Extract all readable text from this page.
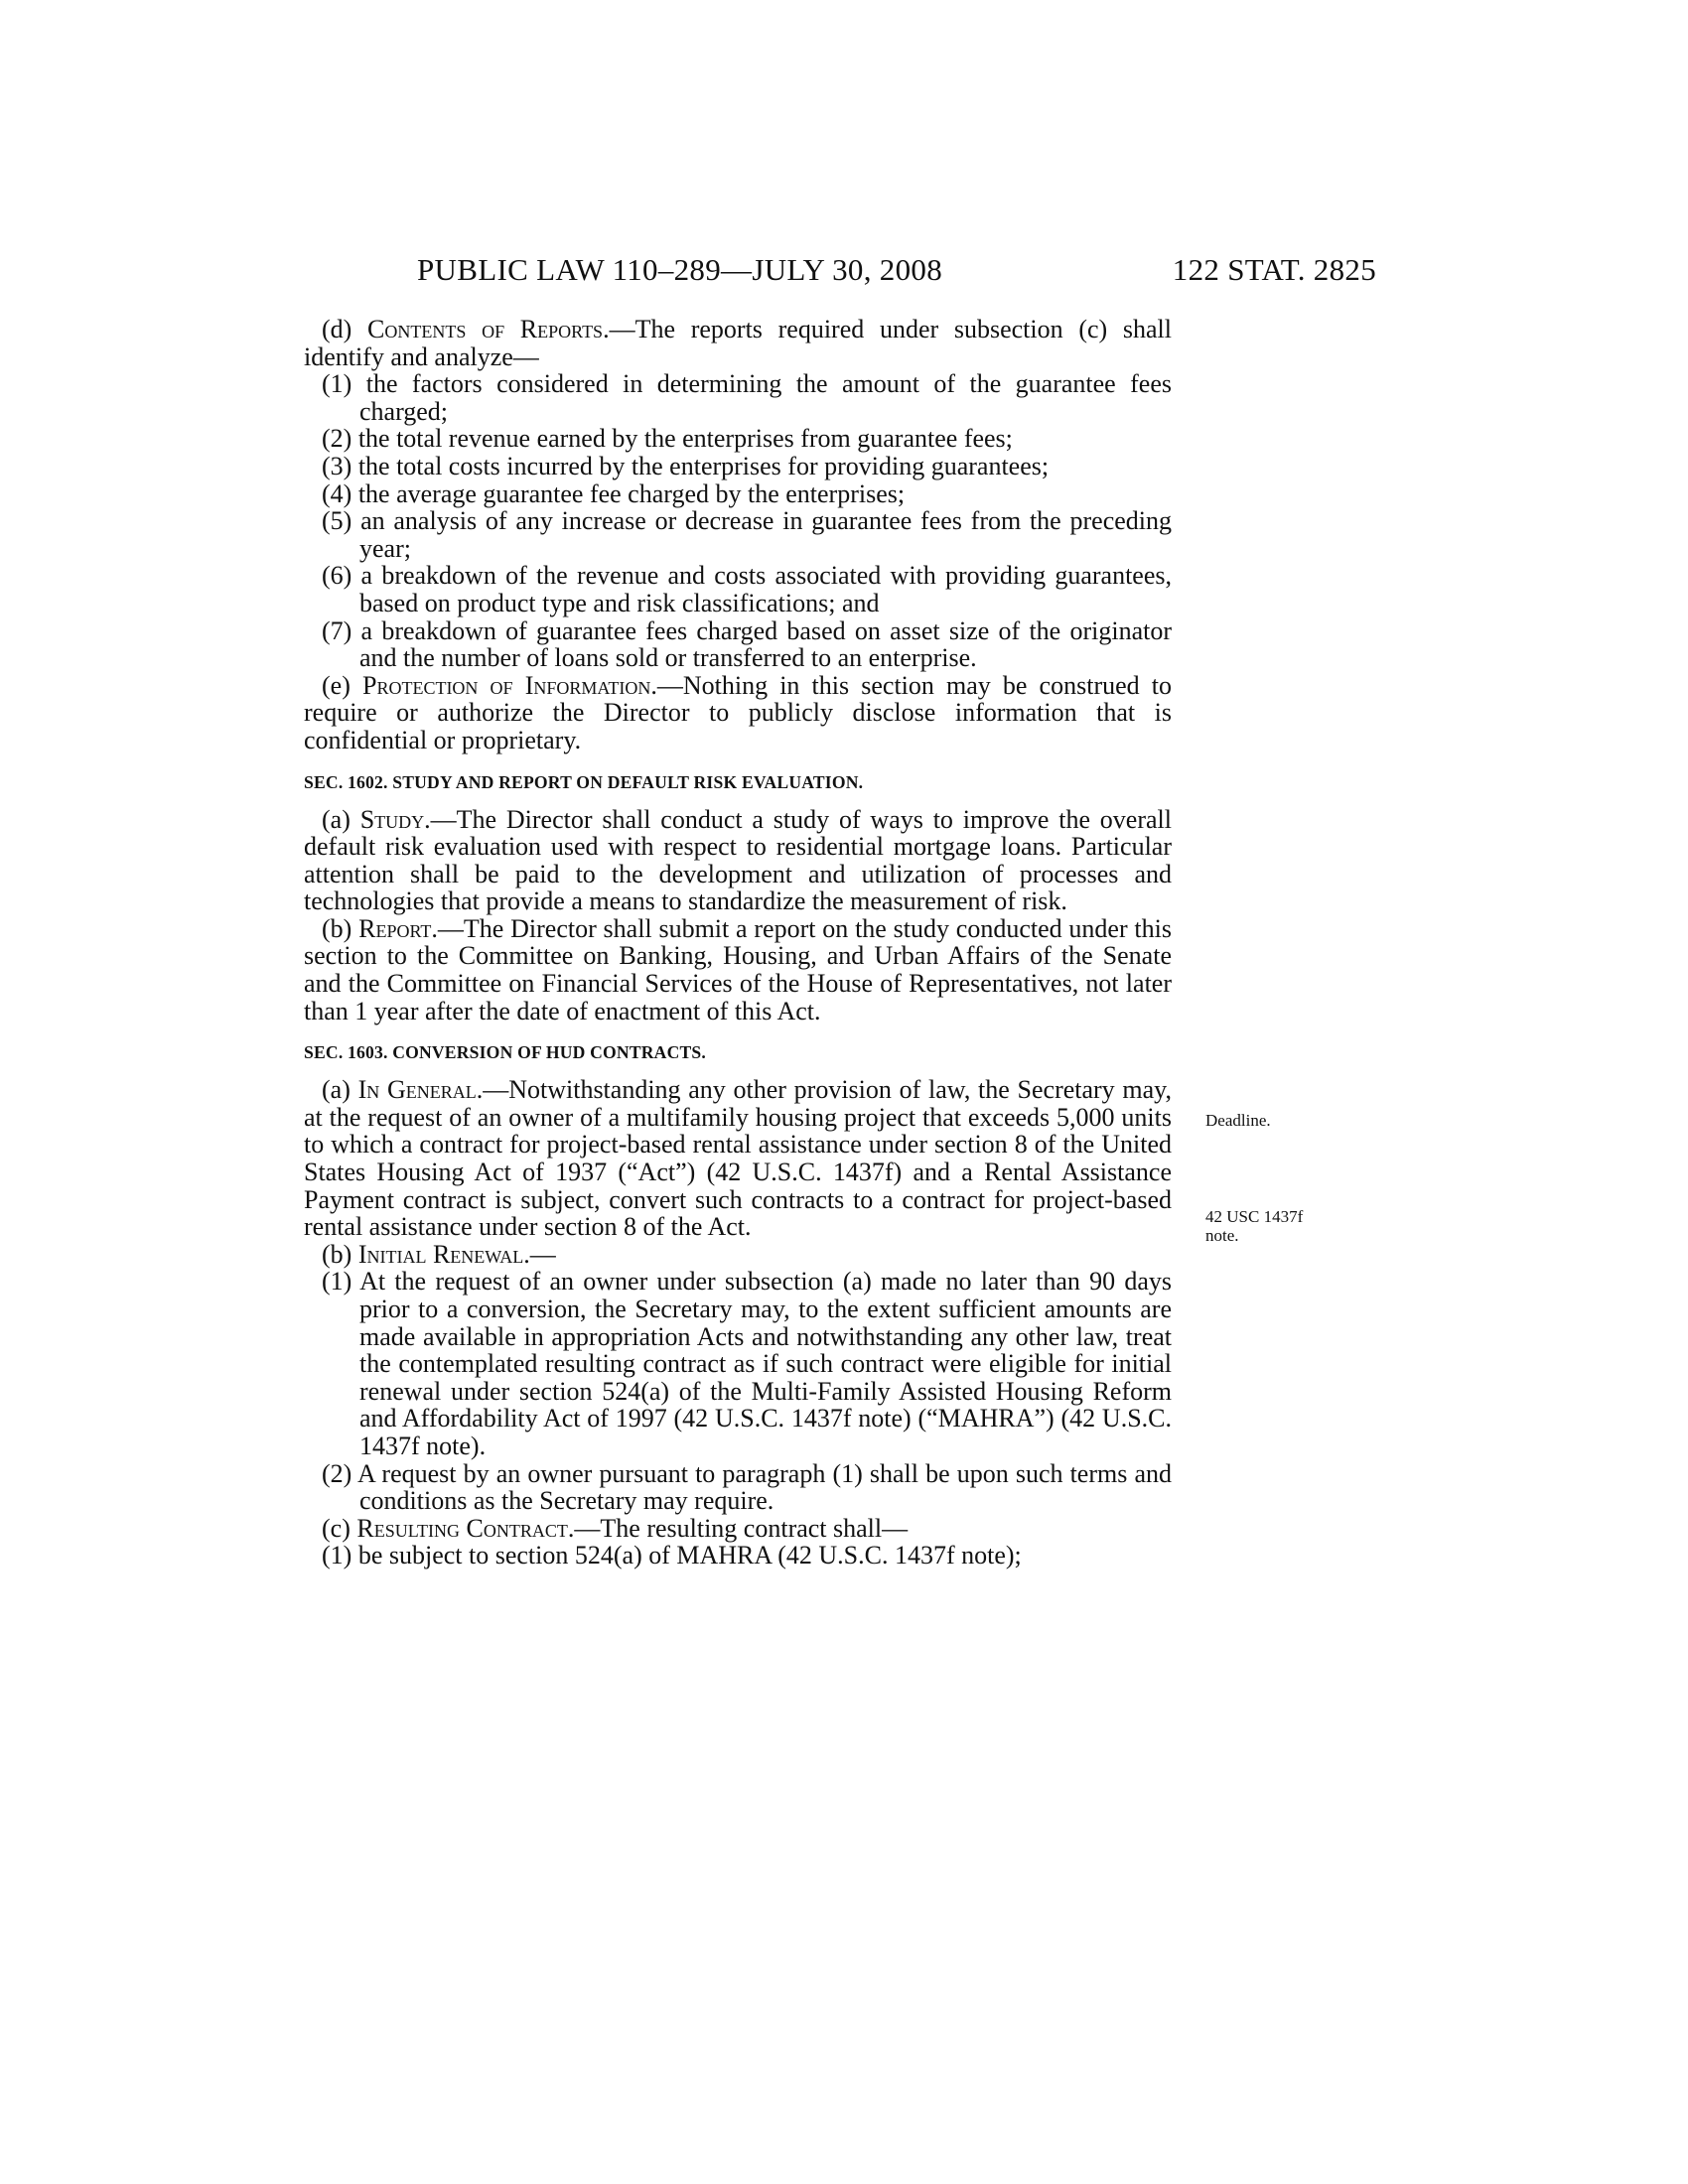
PUBLIC LAW 110–289—JULY 30, 2008	122 STAT. 2825

(d) Contents of Reports.—The reports required under subsection (c) shall identify and analyze—

(1) the factors considered in determining the amount of the guarantee fees charged;

(2) the total revenue earned by the enterprises from guarantee fees;

(3) the total costs incurred by the enterprises for providing guarantees;

(4) the average guarantee fee charged by the enterprises;

(5) an analysis of any increase or decrease in guarantee fees from the preceding year;

(6) a breakdown of the revenue and costs associated with providing guarantees, based on product type and risk classifications; and

(7) a breakdown of guarantee fees charged based on asset size of the originator and the number of loans sold or transferred to an enterprise.

(e) Protection of Information.—Nothing in this section may be construed to require or authorize the Director to publicly disclose information that is confidential or proprietary.

SEC. 1602. STUDY AND REPORT ON DEFAULT RISK EVALUATION.

(a) Study.—The Director shall conduct a study of ways to improve the overall default risk evaluation used with respect to residential mortgage loans. Particular attention shall be paid to the development and utilization of processes and technologies that provide a means to standardize the measurement of risk.

(b) Report.—The Director shall submit a report on the study conducted under this section to the Committee on Banking, Housing, and Urban Affairs of the Senate and the Committee on Financial Services of the House of Representatives, not later than 1 year after the date of enactment of this Act.

SEC. 1603. CONVERSION OF HUD CONTRACTS.

(a) In General.—Notwithstanding any other provision of law, the Secretary may, at the request of an owner of a multifamily housing project that exceeds 5,000 units to which a contract for project-based rental assistance under section 8 of the United States Housing Act of 1937 (“Act”) (42 U.S.C. 1437f) and a Rental Assistance Payment contract is subject, convert such contracts to a contract for project-based rental assistance under section 8 of the Act.

(b) Initial Renewal.—

(1) At the request of an owner under subsection (a) made no later than 90 days prior to a conversion, the Secretary may, to the extent sufficient amounts are made available in appropriation Acts and notwithstanding any other law, treat the contemplated resulting contract as if such contract were eligible for initial renewal under section 524(a) of the Multi-Family Assisted Housing Reform and Affordability Act of 1997 (42 U.S.C. 1437f note) (“MAHRA”) (42 U.S.C. 1437f note).

(2) A request by an owner pursuant to paragraph (1) shall be upon such terms and conditions as the Secretary may require.

(c) Resulting Contract.—The resulting contract shall—

(1) be subject to section 524(a) of MAHRA (42 U.S.C. 1437f note);

Deadline.
42 USC 1437f
note.
